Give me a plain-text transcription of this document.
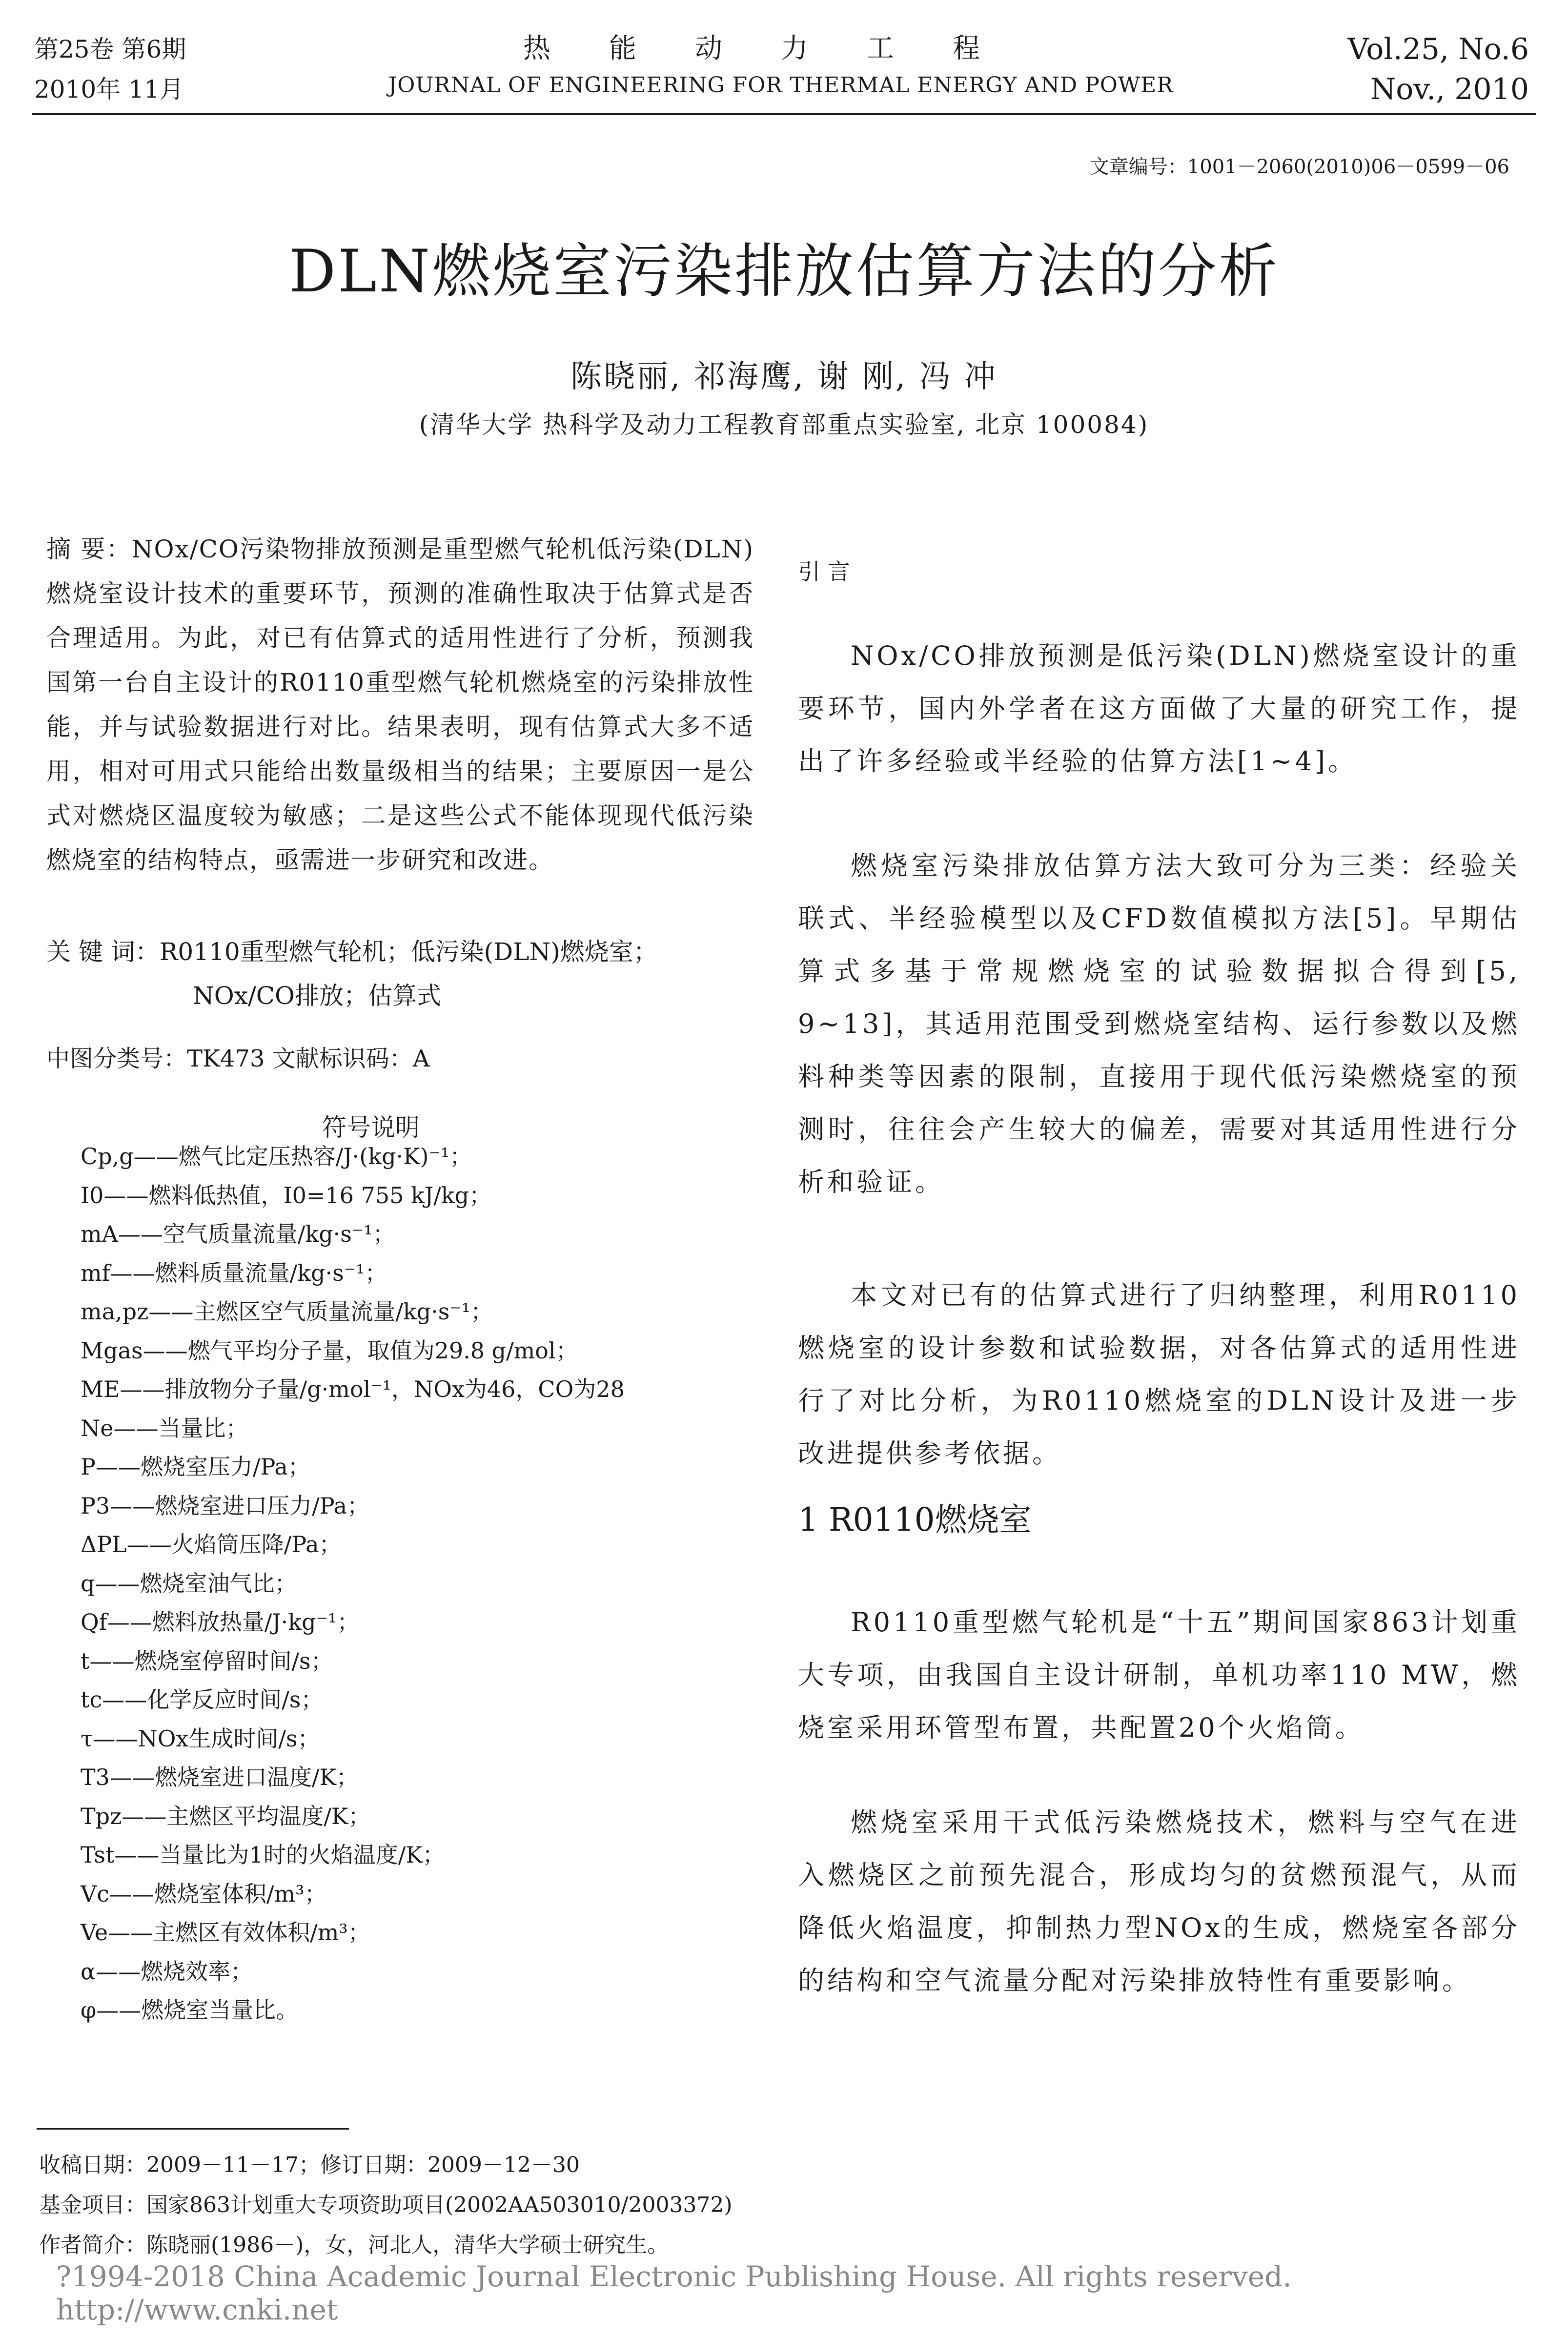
第25卷 第6期
2010年 11月
热能动力工程
JOURNAL OF ENGINEERING FOR THERMAL ENERGY AND POWER
Vol.25, No.6
Nov., 2010
文章编号：1001－2060(2010)06－0599－06
DLN燃烧室污染排放估算方法的分析
陈晓丽, 祁海鹰, 谢 刚, 冯 冲
(清华大学 热科学及动力工程教育部重点实验室, 北京 100084)
摘 要：NOx/CO污染物排放预测是重型燃气轮机低污染(DLN)燃烧室设计技术的重要环节，预测的准确性取决于估算式是否合理适用。为此，对已有估算式的适用性进行了分析，预测我国第一台自主设计的R0110重型燃气轮机燃烧室的污染排放性能，并与试验数据进行对比。结果表明，现有估算式大多不适用，相对可用式只能给出数量级相当的结果；主要原因一是公式对燃烧区温度较为敏感；二是这些公式不能体现现代低污染燃烧室的结构特点，亟需进一步研究和改进。
关 键 词：R0110重型燃气轮机；低污染(DLN)燃烧室；
NOx/CO排放；估算式
中图分类号：TK473 文献标识码：A
符号说明
Cp,g——燃气比定压热容/J·(kg·K)⁻¹；
I0——燃料低热值，I0=16 755 kJ/kg；
mA——空气质量流量/kg·s⁻¹；
mf——燃料质量流量/kg·s⁻¹；
ma,pz——主燃区空气质量流量/kg·s⁻¹；
Mgas——燃气平均分子量，取值为29.8 g/mol；
ME——排放物分子量/g·mol⁻¹，NOx为46，CO为28
Ne——当量比；
P——燃烧室压力/Pa；
P3——燃烧室进口压力/Pa；
ΔPL——火焰筒压降/Pa；
q——燃烧室油气比；
Qf——燃料放热量/J·kg⁻¹；
t——燃烧室停留时间/s；
tc——化学反应时间/s；
τ——NOx生成时间/s；
T3——燃烧室进口温度/K；
Tpz——主燃区平均温度/K；
Tst——当量比为1时的火焰温度/K；
Vc——燃烧室体积/m³；
Ve——主燃区有效体积/m³；
α——燃烧效率；
φ——燃烧室当量比。
引 言
NOx/CO排放预测是低污染(DLN)燃烧室设计的重要环节，国内外学者在这方面做了大量的研究工作，提出了许多经验或半经验的估算方法[1~4]。
燃烧室污染排放估算方法大致可分为三类：经验关联式、半经验模型以及CFD数值模拟方法[5]。早期估算式多基于常规燃烧室的试验数据拟合得到[5, 9~13]，其适用范围受到燃烧室结构、运行参数以及燃料种类等因素的限制，直接用于现代低污染燃烧室的预测时，往往会产生较大的偏差，需要对其适用性进行分析和验证。
本文对已有的估算式进行了归纳整理，利用R0110燃烧室的设计参数和试验数据，对各估算式的适用性进行了对比分析，为R0110燃烧室的DLN设计及进一步改进提供参考依据。
1 R0110燃烧室
R0110重型燃气轮机是“十五”期间国家863计划重大专项，由我国自主设计研制，单机功率110 MW，燃烧室采用环管型布置，共配置20个火焰筒。
燃烧室采用干式低污染燃烧技术，燃料与空气在进入燃烧区之前预先混合，形成均匀的贫燃预混气，从而降低火焰温度，抑制热力型NOx的生成，燃烧室各部分的结构和空气流量分配对污染排放特性有重要影响。
收稿日期：2009－11－17；修订日期：2009－12－30
基金项目：国家863计划重大专项资助项目(2002AA503010/2003372)
作者简介：陈晓丽(1986－)，女，河北人，清华大学硕士研究生。
?1994-2018 China Academic Journal Electronic Publishing House. All rights reserved. http://www.cnki.net
